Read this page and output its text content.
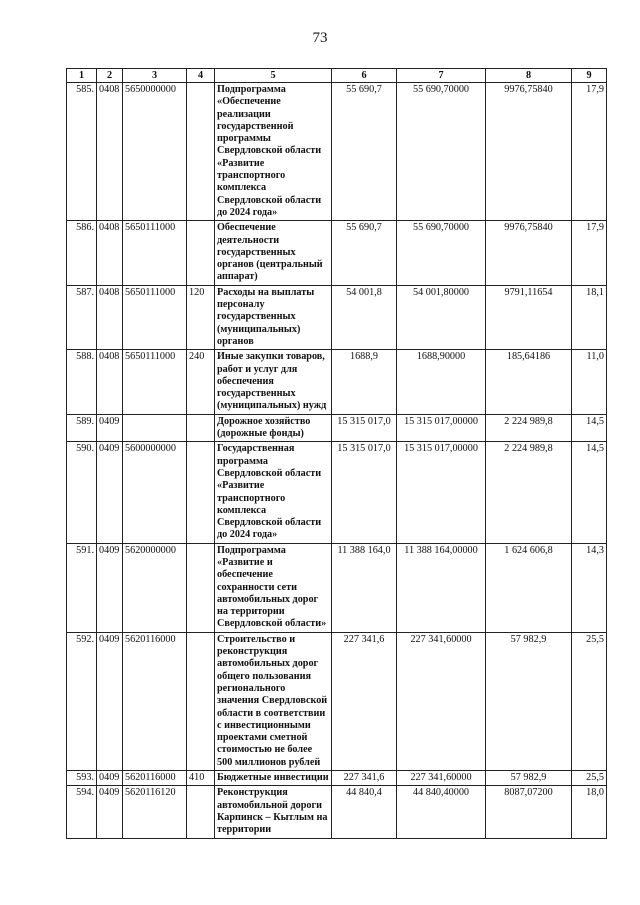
73
1	2	3	4	5	6	7	8	9
585.	0408	5650000000		Подпрограмма «Обеспечение реализации государственной программы Свердловской области «Развитие транспортного комплекса Свердловской области до 2024 года»	55 690,7	55 690,70000	9976,75840	17,9
586.	0408	5650111000		Обеспечение деятельности государственных органов (центральный аппарат)	55 690,7	55 690,70000	9976,75840	17,9
587.	0408	5650111000	120	Расходы на выплаты персоналу государственных (муниципальных) органов	54 001,8	54 001,80000	9791,11654	18,1
588.	0408	5650111000	240	Иные закупки товаров, работ и услуг для обеспечения государственных (муниципальных) нужд	1688,9	1688,90000	185,64186	11,0
589.	0409			Дорожное хозяйство (дорожные фонды)	15 315 017,0	15 315 017,00000	2 224 989,8	14,5
590.	0409	5600000000		Государственная программа Свердловской области «Развитие транспортного комплекса Свердловской области до 2024 года»	15 315 017,0	15 315 017,00000	2 224 989,8	14,5
591.	0409	5620000000		Подпрограмма «Развитие и обеспечение сохранности сети автомобильных дорог на территории Свердловской области»	11 388 164,0	11 388 164,00000	1 624 606,8	14,3
592.	0409	5620116000		Строительство и реконструкция автомобильных дорог общего пользования регионального значения Свердловской области в соответствии с инвестиционными проектами сметной стоимостью не более 500 миллионов рублей	227 341,6	227 341,60000	57 982,9	25,5
593.	0409	5620116000	410	Бюджетные инвестиции	227 341,6	227 341,60000	57 982,9	25,5
594.	0409	5620116120		Реконструкция автомобильной дороги Карпинск – Кытлым на территории	44 840,4	44 840,40000	8087,07200	18,0
